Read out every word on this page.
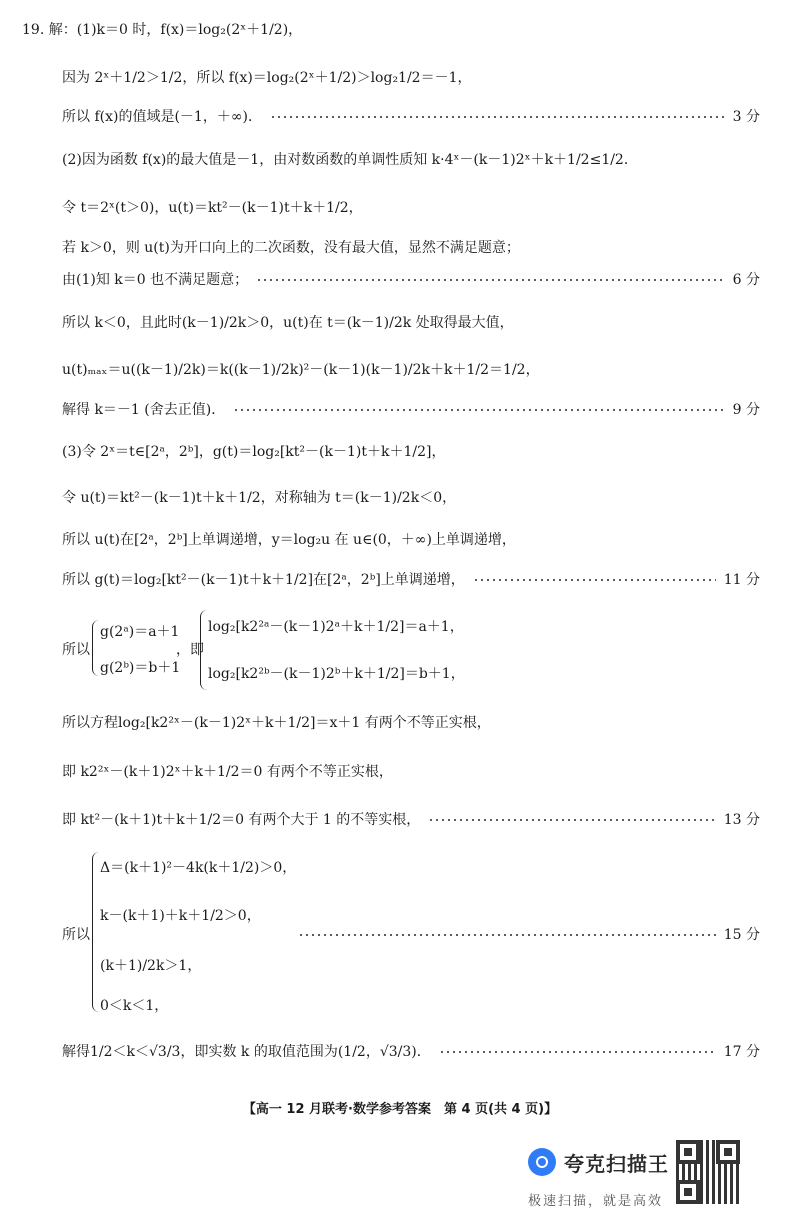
19. 解：(1)k＝0 时，f(x)＝log₂(2ˣ＋1/2)，
因为 2ˣ＋1/2＞1/2，所以 f(x)＝log₂(2ˣ＋1/2)＞log₂1/2＝－1，
所以 f(x)的值域是(－1，＋∞)．	3 分
(2)因为函数 f(x)的最大值是－1，由对数函数的单调性质知 k·4ˣ－(k－1)2ˣ＋k＋1/2≤1/2．
令 t＝2ˣ(t＞0)，u(t)＝kt²－(k－1)t＋k＋1/2，
若 k＞0，则 u(t)为开口向上的二次函数，没有最大值，显然不满足题意；
由(1)知 k＝0 也不满足题意；	6 分
所以 k＜0，且此时(k－1)/2k＞0，u(t)在 t＝(k－1)/2k 处取得最大值，
u(t)ₘₐₓ＝u((k－1)/2k)＝k((k－1)/2k)²－(k－1)(k－1)/2k＋k＋1/2＝1/2，
解得 k＝－1 (舍去正值)．	9 分
(3)令 2ˣ＝t∈[2ᵃ，2ᵇ]，g(t)＝log₂[kt²－(k－1)t＋k＋1/2]，
令 u(t)＝kt²－(k－1)t＋k＋1/2，对称轴为 t＝(k－1)/2k＜0，
所以 u(t)在[2ᵃ，2ᵇ]上单调递增，y＝log₂u 在 u∈(0，＋∞)上单调递增，
所以 g(t)＝log₂[kt²－(k－1)t＋k＋1/2]在[2ᵃ，2ᵇ]上单调递增，	11 分
所以
g(2ᵃ)＝a＋1
g(2ᵇ)＝b＋1
，即
log₂[k2²ᵃ－(k－1)2ᵃ＋k＋1/2]＝a＋1，
log₂[k2²ᵇ－(k－1)2ᵇ＋k＋1/2]＝b＋1，
所以方程log₂[k2²ˣ－(k－1)2ˣ＋k＋1/2]＝x＋1 有两个不等正实根，
即 k2²ˣ－(k＋1)2ˣ＋k＋1/2＝0 有两个不等正实根，
即 kt²－(k＋1)t＋k＋1/2＝0 有两个大于 1 的不等实根，	13 分
所以
Δ＝(k＋1)²－4k(k＋1/2)＞0，
k－(k＋1)＋k＋1/2＞0，
(k＋1)/2k＞1，
0＜k＜1，
15 分
解得1/2＜k＜√3/3，即实数 k 的取值范围为(1/2，√3/3)．	17 分
【高一 12 月联考·数学参考答案　第 4 页(共 4 页)】
夸克扫描王
极速扫描，就是高效
